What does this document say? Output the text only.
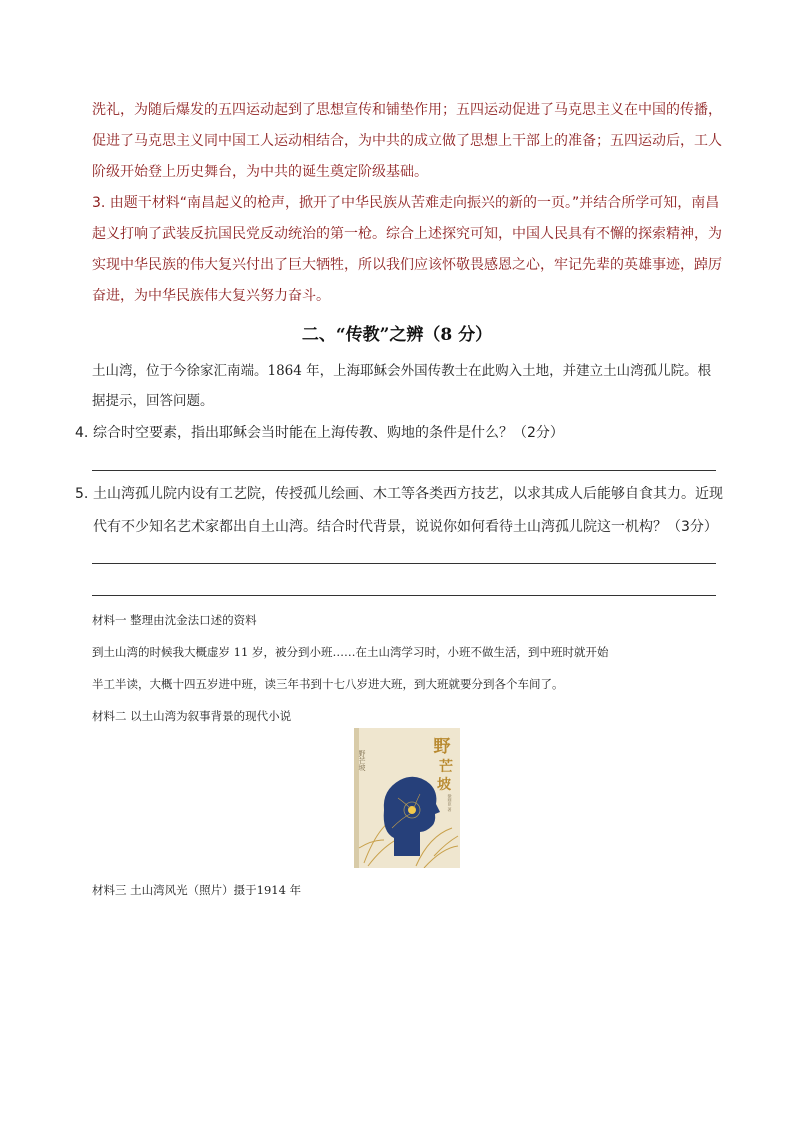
洗礼，为随后爆发的五四运动起到了思想宣传和铺垫作用；五四运动促进了马克思主义在中国的传播，

促进了马克思主义同中国工人运动相结合，为中共的成立做了思想上干部上的准备；五四运动后，工人

阶级开始登上历史舞台，为中共的诞生奠定阶级基础。

3. 由题干材料“南昌起义的枪声，掀开了中华民族从苦难走向振兴的新的一页。”并结合所学可知，南昌

起义打响了武装反抗国民党反动统治的第一枪。综合上述探究可知，中国人民具有不懈的探索精神，为

实现中华民族的伟大复兴付出了巨大牺牲，所以我们应该怀敬畏感恩之心，牢记先辈的英雄事迹，踔厉

奋进，为中华民族伟大复兴努力奋斗。

二、“传教”之辨（8 分）
土山湾，位于今徐家汇南端。1864 年，上海耶稣会外国传教士在此购入土地，并建立土山湾孤儿院。根
据提示，回答问题。
4. 综合时空要素，指出耶稣会当时能在上海传教、购地的条件是什么？（2分）
5. 土山湾孤儿院内设有工艺院，传授孤儿绘画、木工等各类西方技艺，以求其成人后能够自食其力。近现
代有不少知名艺术家都出自土山湾。结合时代背景，说说你如何看待土山湾孤儿院这一机构？（3分）
材料一 整理由沈金法口述的资料
到土山湾的时候我大概虚岁 11 岁，被分到小班……在土山湾学习时，小班不做生活，到中班时就开始
半工半读，大概十四五岁进中班，读三年书到十七八岁进大班，到大班就要分到各个车间了。
材料二 以土山湾为叙事背景的现代小说
野芒坡
野
芒
坡
徐则臣 著
材料三 土山湾风光（照片）摄于1914 年
